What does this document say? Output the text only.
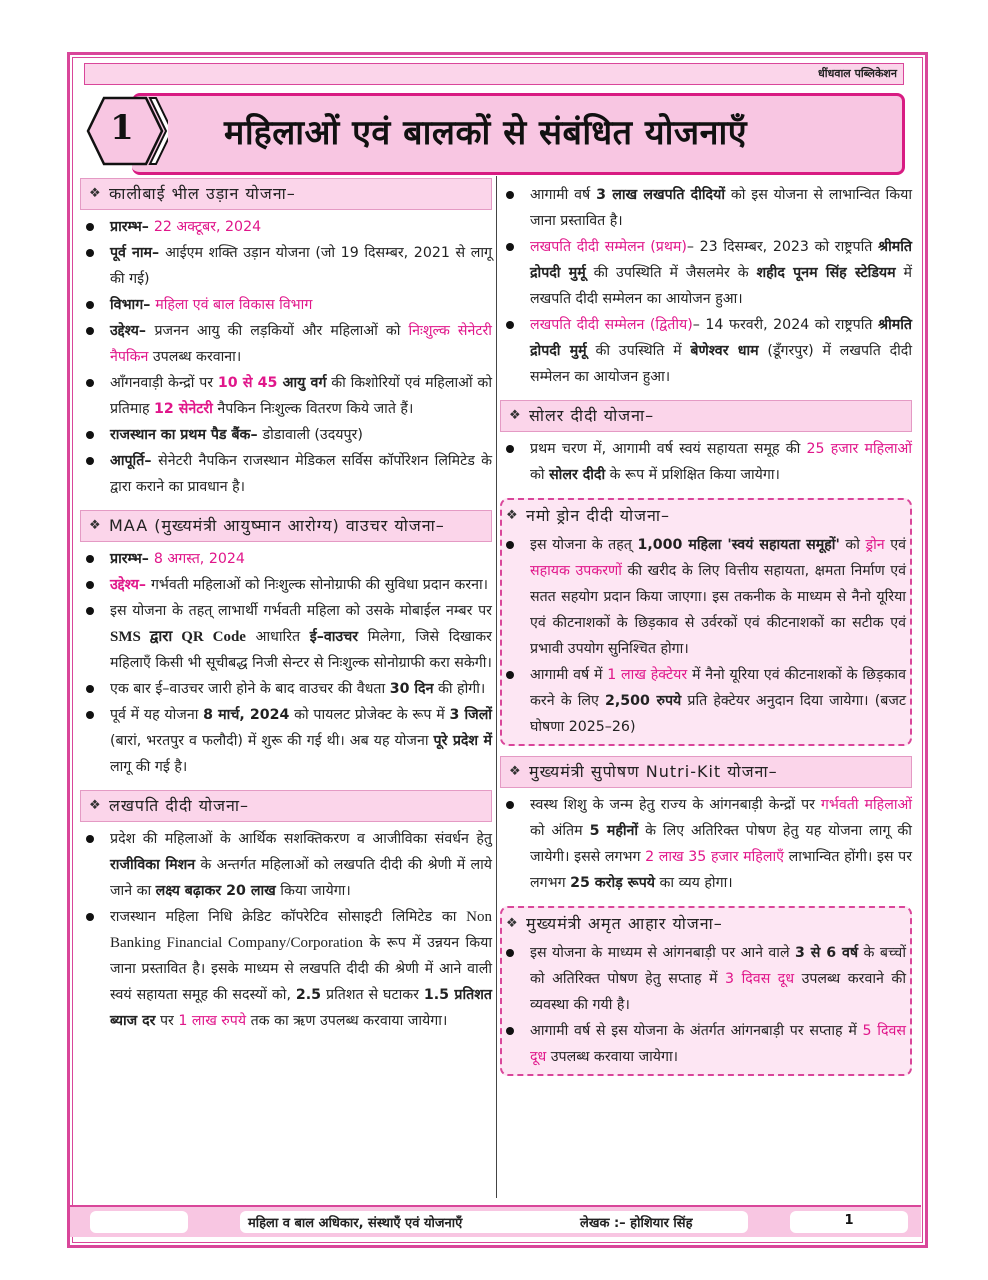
धींधवाल पब्लिकेशन
महिलाओं एवं बालकों से संबंधित योजनाएँ
1
❖ कालीबाई भील उड़ान योजना–
प्रारम्भ– 22 अक्टूबर, 2024
पूर्व नाम– आईएम शक्ति उड़ान योजना (जो 19 दिसम्बर, 2021 से लागू की गई)
विभाग– महिला एवं बाल विकास विभाग
उद्देश्य– प्रजनन आयु की लड़कियों और महिलाओं को निःशुल्क सेनेटरी नैपकिन उपलब्ध करवाना।
आँगनवाड़ी केन्द्रों पर 10 से 45 आयु वर्ग की किशोरियों एवं महिलाओं को प्रतिमाह 12 सेनेटरी नैपकिन निःशुल्क वितरण किये जाते हैं।
राजस्थान का प्रथम पैड बैंक– डोडावाली (उदयपुर)
आपूर्ति– सेनेटरी नैपकिन राजस्थान मेडिकल सर्विस कॉर्पोरेशन लिमिटेड के द्वारा कराने का प्रावधान है।
❖ MAA (मुख्यमंत्री आयुष्मान आरोग्य) वाउचर योजना–
प्रारम्भ– 8 अगस्त, 2024
उद्देश्य– गर्भवती महिलाओं को निःशुल्क सोनोग्राफी की सुविधा प्रदान करना।
इस योजना के तहत् लाभार्थी गर्भवती महिला को उसके मोबाईल नम्बर पर SMS द्वारा QR Code आधारित ई–वाउचर मिलेगा, जिसे दिखाकर महिलाएँ किसी भी सूचीबद्ध निजी सेन्टर से निःशुल्क सोनोग्राफी करा सकेगी।
एक बार ई–वाउचर जारी होने के बाद वाउचर की वैधता 30 दिन की होगी।
पूर्व में यह योजना 8 मार्च, 2024 को पायलट प्रोजेक्ट के रूप में 3 जिलों (बारां, भरतपुर व फलौदी) में शुरू की गई थी। अब यह योजना पूरे प्रदेश में लागू की गई है।
❖ लखपति दीदी योजना–
प्रदेश की महिलाओं के आर्थिक सशक्तिकरण व आजीविका संवर्धन हेतु राजीविका मिशन के अन्तर्गत महिलाओं को लखपति दीदी की श्रेणी में लाये जाने का लक्ष्य बढ़ाकर 20 लाख किया जायेगा।
राजस्थान महिला निधि क्रेडिट कॉपरेटिव सोसाइटी लिमिटेड का Non Banking Financial Company/Corporation के रूप में उन्नयन किया जाना प्रस्तावित है। इसके माध्यम से लखपति दीदी की श्रेणी में आने वाली स्वयं सहायता समूह की सदस्यों को, 2.5 प्रतिशत से घटाकर 1.5 प्रतिशत ब्याज दर पर 1 लाख रुपये तक का ऋण उपलब्ध करवाया जायेगा।
आगामी वर्ष 3 लाख लखपति दीदियों को इस योजना से लाभान्वित किया जाना प्रस्तावित है।
लखपति दीदी सम्मेलन (प्रथम)– 23 दिसम्बर, 2023 को राष्ट्रपति श्रीमति द्रोपदी मुर्मू की उपस्थिति में जैसलमेर के शहीद पूनम सिंह स्टेडियम में लखपति दीदी सम्मेलन का आयोजन हुआ।
लखपति दीदी सम्मेलन (द्वितीय)– 14 फरवरी, 2024 को राष्ट्रपति श्रीमति द्रोपदी मुर्मू की उपस्थिति में बेणेश्वर धाम (डूँगरपुर) में लखपति दीदी सम्मेलन का आयोजन हुआ।
❖ सोलर दीदी योजना–
प्रथम चरण में, आगामी वर्ष स्वयं सहायता समूह की 25 हजार महिलाओं को सोलर दीदी के रूप में प्रशिक्षित किया जायेगा।
❖ नमो ड्रोन दीदी योजना–
इस योजना के तहत् 1,000 महिला 'स्वयं सहायता समूहों' को ड्रोन एवं सहायक उपकरणों की खरीद के लिए वित्तीय सहायता, क्षमता निर्माण एवं सतत सहयोग प्रदान किया जाएगा। इस तकनीक के माध्यम से नैनो यूरिया एवं कीटनाशकों के छिड़काव से उर्वरकों एवं कीटनाशकों का सटीक एवं प्रभावी उपयोग सुनिश्चित होगा।
आगामी वर्ष में 1 लाख हेक्टेयर में नैनो यूरिया एवं कीटनाशकों के छिड़काव करने के लिए 2,500 रुपये प्रति हेक्टेयर अनुदान दिया जायेगा। (बजट घोषणा 2025–26)
❖ मुख्यमंत्री सुपोषण Nutri-Kit योजना–
स्वस्थ शिशु के जन्म हेतु राज्य के आंगनबाड़ी केन्द्रों पर गर्भवती महिलाओं को अंतिम 5 महीनों के लिए अतिरिक्त पोषण हेतु यह योजना लागू की जायेगी। इससे लगभग 2 लाख 35 हजार महिलाएँ लाभान्वित होंगी। इस पर लगभग 25 करोड़ रूपये का व्यय होगा।
❖ मुख्यमंत्री अमृत आहार योजना–
इस योजना के माध्यम से आंगनबाड़ी पर आने वाले 3 से 6 वर्ष के बच्चों को अतिरिक्त पोषण हेतु सप्ताह में 3 दिवस दूध उपलब्ध करवाने की व्यवस्था की गयी है।
आगामी वर्ष से इस योजना के अंतर्गत आंगनबाड़ी पर सप्ताह में 5 दिवस दूध उपलब्ध करवाया जायेगा।
महिला व बाल अधिकार, संस्थाएँ एवं योजनाएँ	लेखक :– होशियार सिंह	1
